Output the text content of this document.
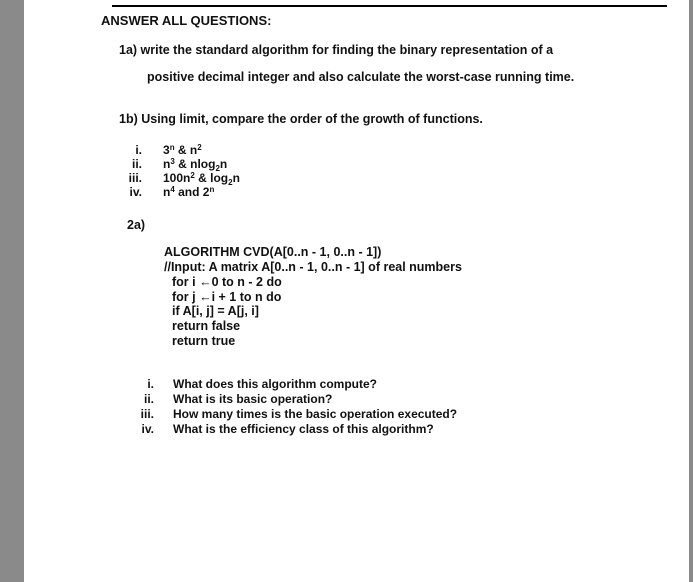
ANSWER ALL QUESTIONS:
1a) write the standard algorithm for finding the binary representation of a
positive decimal integer and also calculate the worst-case running time.
1b) Using limit, compare the order of the growth of functions.
i. 3$^n$ & $n^2$
ii. $n^3$ & nlog$_2$n
iii. $100n^2$ & $\log_2n$
iv. $n^4$ and 2$^n$
2a)
ALGORITHM CVD(A[0..n - 1, 0..n - 1])
//Input: A matrix A[0..n - 1, 0..n - 1] of real numbers
for i ←0 to n - 2 do
for j ←i + 1 to n do
if A[i, j] = A[j, i]
return false
return true
i. What does this algorithm compute?
ii. What is its basic operation?
iii. How many times is the basic operation executed?
iv. What is the efficiency class of this algorithm?
